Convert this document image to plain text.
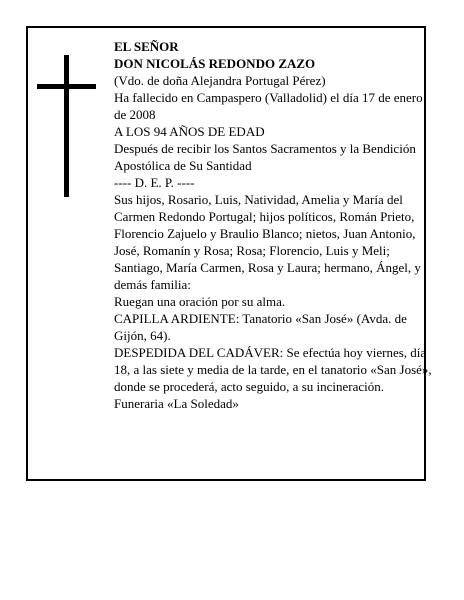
EL SEÑOR

DON NICOLÁS REDONDO ZAZO

(Vdo. de doña Alejandra Portugal Pérez)

Ha fallecido en Campaspero (Valladolid) el día 17 de enero de 2008

A LOS 94 AÑOS DE EDAD

Después de recibir los Santos Sacramentos y la Bendición Apostólica de Su Santidad

---- D. E. P. ----

Sus hijos, Rosario, Luis, Natividad, Amelia y María del Carmen Redondo Portugal; hijos políticos, Román Prieto, Florencio Zajuelo y Braulio Blanco; nietos, Juan Antonio, José, Romanín y Rosa; Rosa; Florencio, Luis y Meli; Santiago, María Carmen, Rosa y Laura; hermano, Ángel, y demás familia:

Ruegan una oración por su alma.

CAPILLA ARDIENTE: Tanatorio «San José» (Avda. de Gijón, 64).

DESPEDIDA DEL CADÁVER: Se efectúa hoy viernes, día 18, a las siete y media de la tarde, en el tanatorio «San José», donde se procederá, acto seguido, a su incineración.

Funeraria «La Soledad»
